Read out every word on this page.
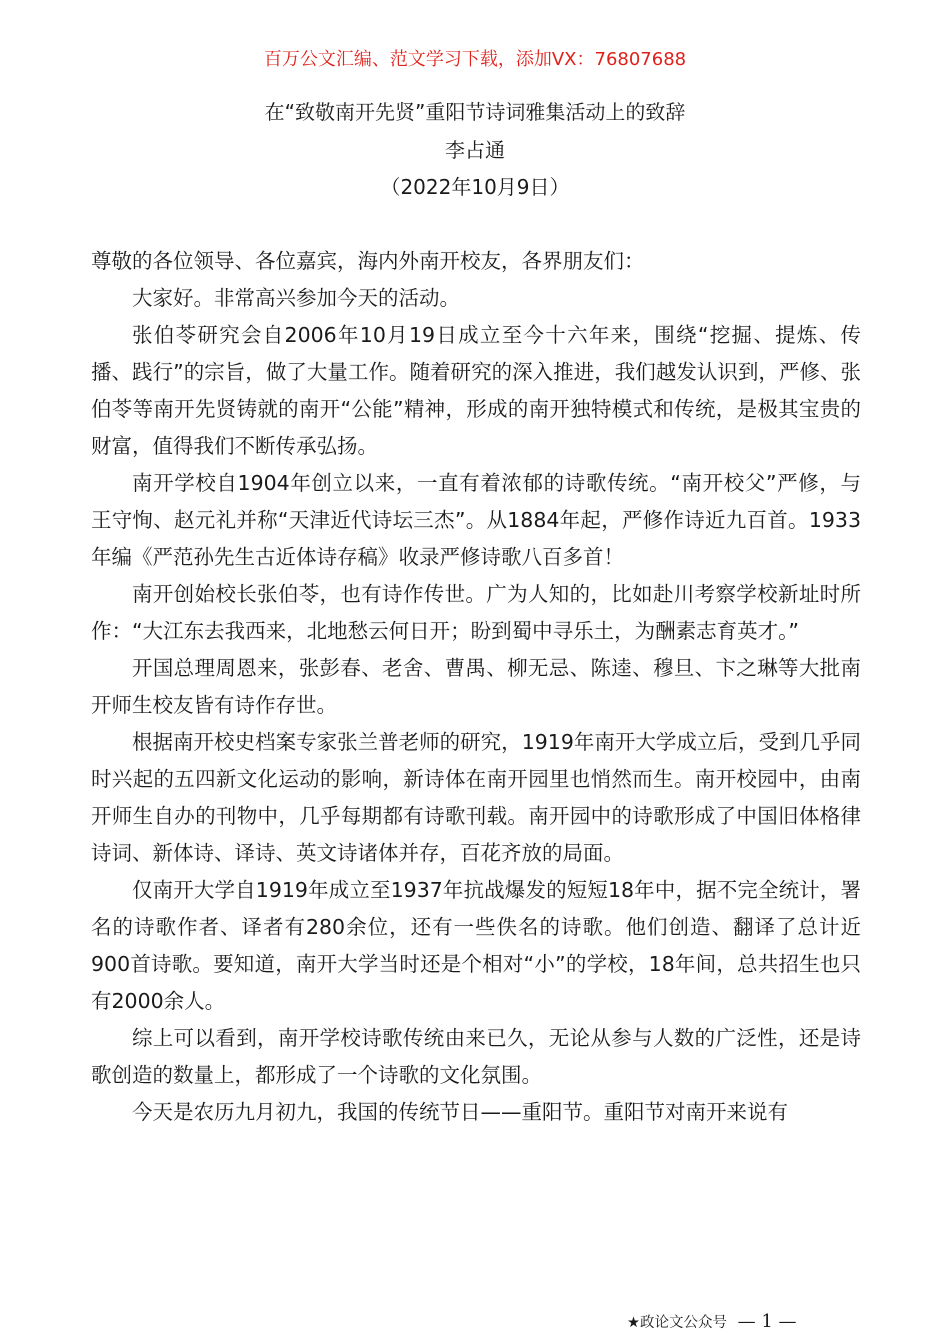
百万公文汇编、范文学习下载，添加VX：76807688
在“致敬南开先贤”重阳节诗词雅集活动上的致辞
李占通
（2022年10月9日）

尊敬的各位领导、各位嘉宾，海内外南开校友，各界朋友们：

大家好。非常高兴参加今天的活动。

张伯苓研究会自2006年10月19日成立至今十六年来，围绕“挖掘、提炼、传播、践行”的宗旨，做了大量工作。随着研究的深入推进，我们越发认识到，严修、张伯苓等南开先贤铸就的南开“公能”精神，形成的南开独特模式和传统，是极其宝贵的财富，值得我们不断传承弘扬。

南开学校自1904年创立以来，一直有着浓郁的诗歌传统。“南开校父”严修，与王守恂、赵元礼并称“天津近代诗坛三杰”。从1884年起，严修作诗近九百首。1933年编《严范孙先生古近体诗存稿》收录严修诗歌八百多首！

南开创始校长张伯苓，也有诗作传世。广为人知的，比如赴川考察学校新址时所作：“大江东去我西来，北地愁云何日开；盼到蜀中寻乐土，为酬素志育英才。”

开国总理周恩来，张彭春、老舍、曹禺、柳无忌、陈逵、穆旦、卞之琳等大批南开师生校友皆有诗作存世。

根据南开校史档案专家张兰普老师的研究，1919年南开大学成立后，受到几乎同时兴起的五四新文化运动的影响，新诗体在南开园里也悄然而生。南开校园中，由南开师生自办的刊物中，几乎每期都有诗歌刊载。南开园中的诗歌形成了中国旧体格律诗词、新体诗、译诗、英文诗诸体并存，百花齐放的局面。

仅南开大学自1919年成立至1937年抗战爆发的短短18年中，据不完全统计，署名的诗歌作者、译者有280余位，还有一些佚名的诗歌。他们创造、翻译了总计近900首诗歌。要知道，南开大学当时还是个相对“小”的学校，18年间，总共招生也只有2000余人。

综上可以看到，南开学校诗歌传统由来已久，无论从参与人数的广泛性，还是诗歌创造的数量上，都形成了一个诗歌的文化氛围。

今天是农历九月初九，我国的传统节日——重阳节。重阳节对南开来说有

★政论文公众号 — 1 —
